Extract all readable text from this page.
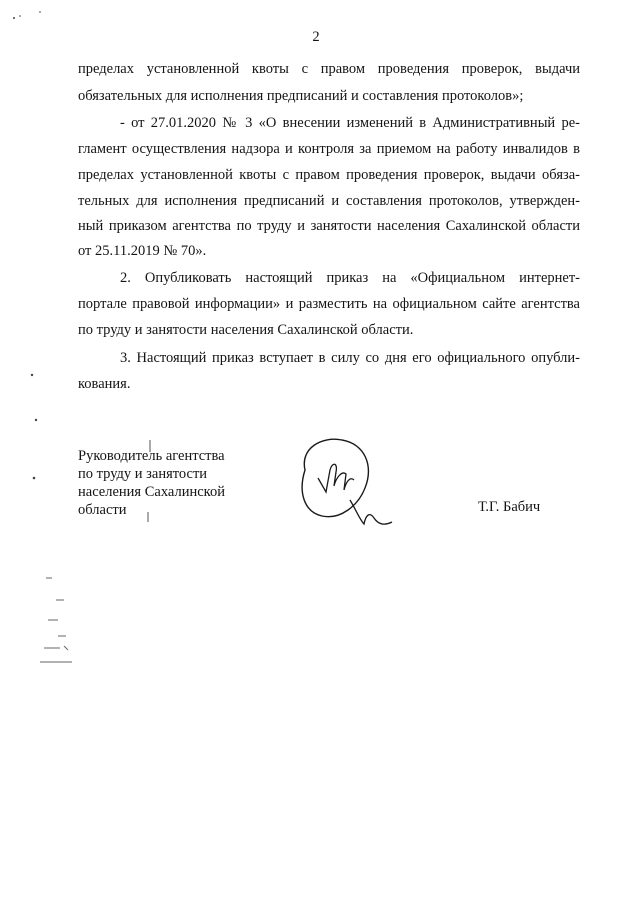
2
пределах установленной квоты с правом проведения проверок, выдачи
обязательных для исполнения предписаний и составления протоколов»;
- от 27.01.2020 № 3 «О внесении изменений в Административный ре-
гламент осуществления надзора и контроля за приемом на работу инвалидов в
пределах установленной квоты с правом проведения проверок, выдачи обяза-
тельных для исполнения предписаний и составления протоколов, утвержден-
ный приказом агентства по труду и занятости населения Сахалинской области
от 25.11.2019 № 70».
2. Опубликовать настоящий приказ на «Официальном интернет-
портале правовой информации» и разместить на официальном сайте агентства
по труду и занятости населения Сахалинской области.
3. Настоящий приказ вступает в силу со дня его официального опубли-
кования.
Руководитель агентства
по труду и занятости
населения Сахалинской
области	Т.Г. Бабич
